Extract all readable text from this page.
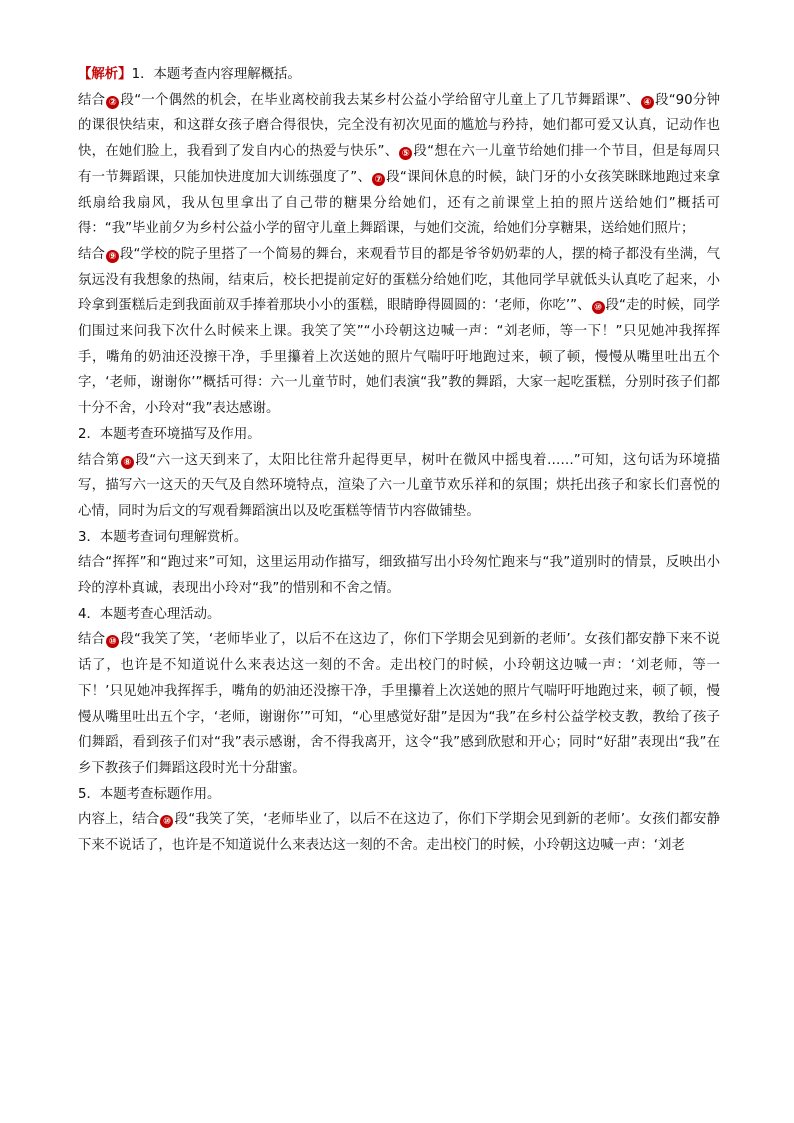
【解析】1．本题考查内容理解概括。

结合 ② 段“一个偶然的机会，在毕业离校前我去某乡村公益小学给留守儿童上了几节舞蹈课”、 ④ 段“90分钟的课很快结束，和这群女孩子磨合得很快，完全没有初次见面的尴尬与矜持，她们都可爱又认真，记动作也快，在她们脸上，我看到了发自内心的热爱与快乐”、 ⑤ 段“想在六一儿童节给她们排一个节目，但是每周只有一节舞蹈课，只能加快进度加大训练强度了”、 ⑦ 段“课间休息的时候，缺门牙的小女孩笑眯眯地跑过来拿纸扇给我扇风，我从包里拿出了自己带的糖果分给她们，还有之前课堂上拍的照片送给她们”概括可得：“我”毕业前夕为乡村公益小学的留守儿童上舞蹈课，与她们交流，给她们分享糖果，送给她们照片；

结合 ⑨ 段“学校的院子里搭了一个简易的舞台，来观看节目的都是爷爷奶奶辈的人，摆的椅子都没有坐满，气氛远没有我想象的热闹，结束后，校长把提前定好的蛋糕分给她们吃，其他同学早就低头认真吃了起来，小玲拿到蛋糕后走到我面前双手捧着那块小小的蛋糕，眼睛睁得圆圆的：‘老师，你吃’”、 ⑩ 段“走的时候，同学们围过来问我下次什么时候来上课。我笑了笑”“小玲朝这边喊一声：“刘老师，等一下！”只见她冲我挥挥手，嘴角的奶油还没擦干净，手里攥着上次送她的照片气喘吁吁地跑过来，顿了顿，慢慢从嘴里吐出五个字，‘老师，谢谢你’”概括可得：六一儿童节时，她们表演“我”教的舞蹈，大家一起吃蛋糕，分别时孩子们都十分不舍，小玲对“我”表达感谢。

2．本题考查环境描写及作用。

结合第 ⑧ 段“六一这天到来了，太阳比往常升起得更早，树叶在微风中摇曳着……”可知，这句话为环境描写，描写六一这天的天气及自然环境特点，渲染了六一儿童节欢乐祥和的氛围；烘托出孩子和家长们喜悦的心情，同时为后文的写观看舞蹈演出以及吃蛋糕等情节内容做铺垫。

3．本题考查词句理解赏析。

结合“挥挥”和“跑过来”可知，这里运用动作描写，细致描写出小玲匆忙跑来与“我”道别时的情景，反映出小玲的淳朴真诚，表现出小玲对“我”的惜别和不舍之情。

4．本题考查心理活动。

结合 ⑩ 段“我笑了笑，‘老师毕业了，以后不在这边了，你们下学期会见到新的老师’。女孩们都安静下来不说话了，也许是不知道说什么来表达这一刻的不舍。走出校门的时候，小玲朝这边喊一声：‘刘老师，等一下！’只见她冲我挥挥手，嘴角的奶油还没擦干净，手里攥着上次送她的照片气喘吁吁地跑过来，顿了顿，慢慢从嘴里吐出五个字，‘老师，谢谢你’”可知，“心里感觉好甜”是因为“我”在乡村公益学校支教，教给了孩子们舞蹈，看到孩子们对“我”表示感谢，舍不得我离开，这令“我”感到欣慰和开心；同时“好甜”表现出“我”在乡下教孩子们舞蹈这段时光十分甜蜜。

5．本题考查标题作用。

内容上，结合 ⑩ 段“我笑了笑，‘老师毕业了，以后不在这边了，你们下学期会见到新的老师’。女孩们都安静下来不说话了，也许是不知道说什么来表达这一刻的不舍。走出校门的时候，小玲朝这边喊一声：‘刘老
